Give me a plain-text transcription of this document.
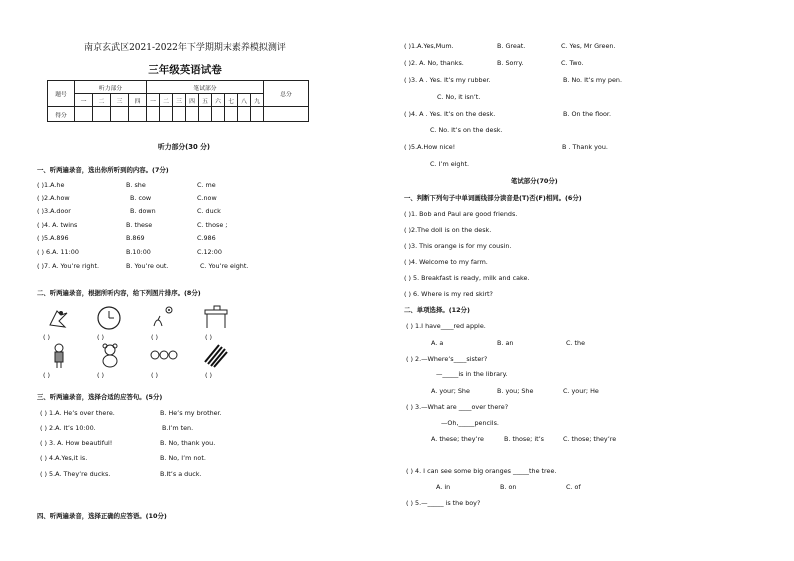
南京玄武区2021-2022年下学期期末素养模拟测评
三年级英语试卷
题号	听力部分				笔试部分									总分
	一	二	三	四	一	二	三	四	五	六	七	八	九	
得分														
听力部分(30 分)
一、听两遍录音，选出你所听到的内容。(7分)
( )1.A.he	B. she	C. me
( )2.A.how	B. cow	C.now
( )3.A.door	B. down	C. duck
( )4. A. twins	B. these	C. those ;
( )5.A.896	B.869	C.986
( ) 6.A. 11:00	B.10:00	C.12:00
( )7. A. You’re right.	B. You’re out.	C. You’re eight.
二、听两遍录音，根据所听内容，给下列图片排序。(8分)
( )	( )	( )	( )
( )	( )	( )	( )
三、听两遍录音，选择合适的应答句。(5分)
( ) 1.A. He’s over there.	B. He’s my brother.
( ) 2.A. It’s 10:00.	B.I’m ten.
( ) 3. A. How beautiful!	B. No, thank you.
( ) 4.A.Yes,it is.	B. No, I’m not.
( ) 5.A. They’re ducks.	B.It’s a duck.
四、听两遍录音，选择正确的应答语。(10分)
( )1.A.Yes,Mum.	B. Great.	C. Yes, Mr Green.
( )2. A. No, thanks.	B. Sorry.	C. Two.
( )3. A . Yes. It’s my rubber.	B. No. It’s my pen.
C. No, it isn’t.
( )4. A . Yes. It’s on the desk.	B. On the floor.
C. No. It’s on the desk.
( )5.A.How nice!	B . Thank you.
C. I’m eight.
笔试部分(70分)
一、判断下列句子中单词画线部分读音是(T)否(F)相同。(6分)
( )1. Bob and Paul are good friends.
( )2.The doll is on the desk.
( )3. This orange is for my cousin.
( )4. Welcome to my farm.
( ) 5. Breakfast is ready, milk and cake.
( ) 6. Where is my red skirt?
二、单项选择。(12分)
( ) 1.I have____red apple.
A. a	B. an	C. the
( ) 2.—Where’s____sister?
—_____is in the library.
A. your; She	B. you; She	C. your; He
( ) 3.—What are ____over there?
—Oh,_____pencils.
A. these; they’re	B. those; it’s	C. those; they’re
( ) 4. I can see some big oranges _____the tree.
A. in	B. on	C. of
( ) 5.—_____ is the boy?
